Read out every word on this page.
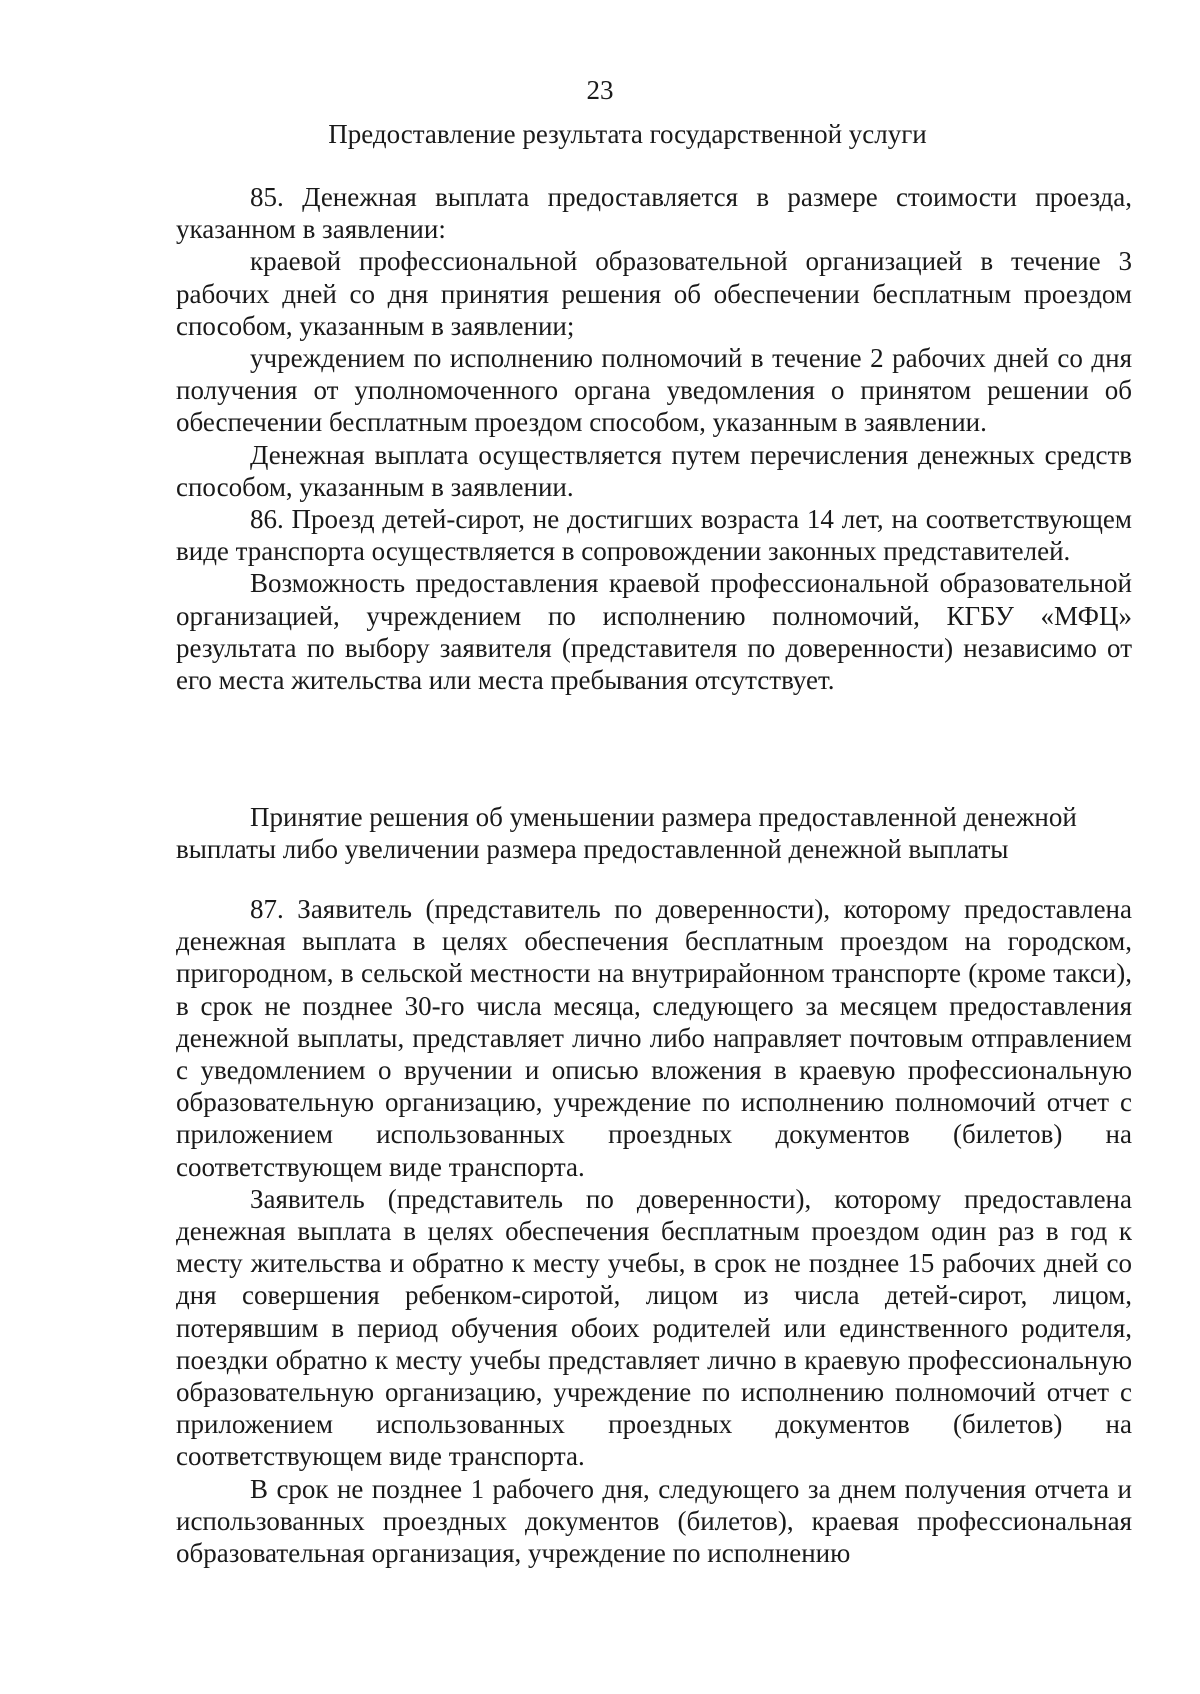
23
Предоставление результата государственной услуги

85. Денежная выплата предоставляется в размере стоимости проезда, указанном в заявлении:

краевой профессиональной образовательной организацией в течение 3 рабочих дней со дня принятия решения об обеспечении бесплатным проездом способом, указанным в заявлении;

учреждением по исполнению полномочий в течение 2 рабочих дней со дня получения от уполномоченного органа уведомления о принятом решении об обеспечении бесплатным проездом способом, указанным в заявлении.

Денежная выплата осуществляется путем перечисления денежных средств способом, указанным в заявлении.

86. Проезд детей-сирот, не достигших возраста 14 лет, на соответствующем виде транспорта осуществляется в сопровождении законных представителей.

Возможность предоставления краевой профессиональной образовательной организацией, учреждением по исполнению полномочий, КГБУ «МФЦ» результата по выбору заявителя (представителя по доверенности) независимо от его места жительства или места пребывания отсутствует.

Принятие решения об уменьшении размера предоставленной денежной выплаты либо увеличении размера предоставленной денежной выплаты

87. Заявитель (представитель по доверенности), которому предоставлена денежная выплата в целях обеспечения бесплатным проездом на городском, пригородном, в сельской местности на внутрирайонном транспорте (кроме такси), в срок не позднее 30-го числа месяца, следующего за месяцем предоставления денежной выплаты, представляет лично либо направляет почтовым отправлением с уведомлением о вручении и описью вложения в краевую профессиональную образовательную организацию, учреждение по исполнению полномочий отчет с приложением использованных проездных документов (билетов) на соответствующем виде транспорта.

Заявитель (представитель по доверенности), которому предоставлена денежная выплата в целях обеспечения бесплатным проездом один раз в год к месту жительства и обратно к месту учебы, в срок не позднее 15 рабочих дней со дня совершения ребенком-сиротой, лицом из числа детей-сирот, лицом, потерявшим в период обучения обоих родителей или единственного родителя, поездки обратно к месту учебы представляет лично в краевую профессиональную образовательную организацию, учреждение по исполнению полномочий отчет с приложением использованных проездных документов (билетов) на соответствующем виде транспорта.

В срок не позднее 1 рабочего дня, следующего за днем получения отчета и использованных проездных документов (билетов), краевая профессиональная образовательная организация, учреждение по исполнению
